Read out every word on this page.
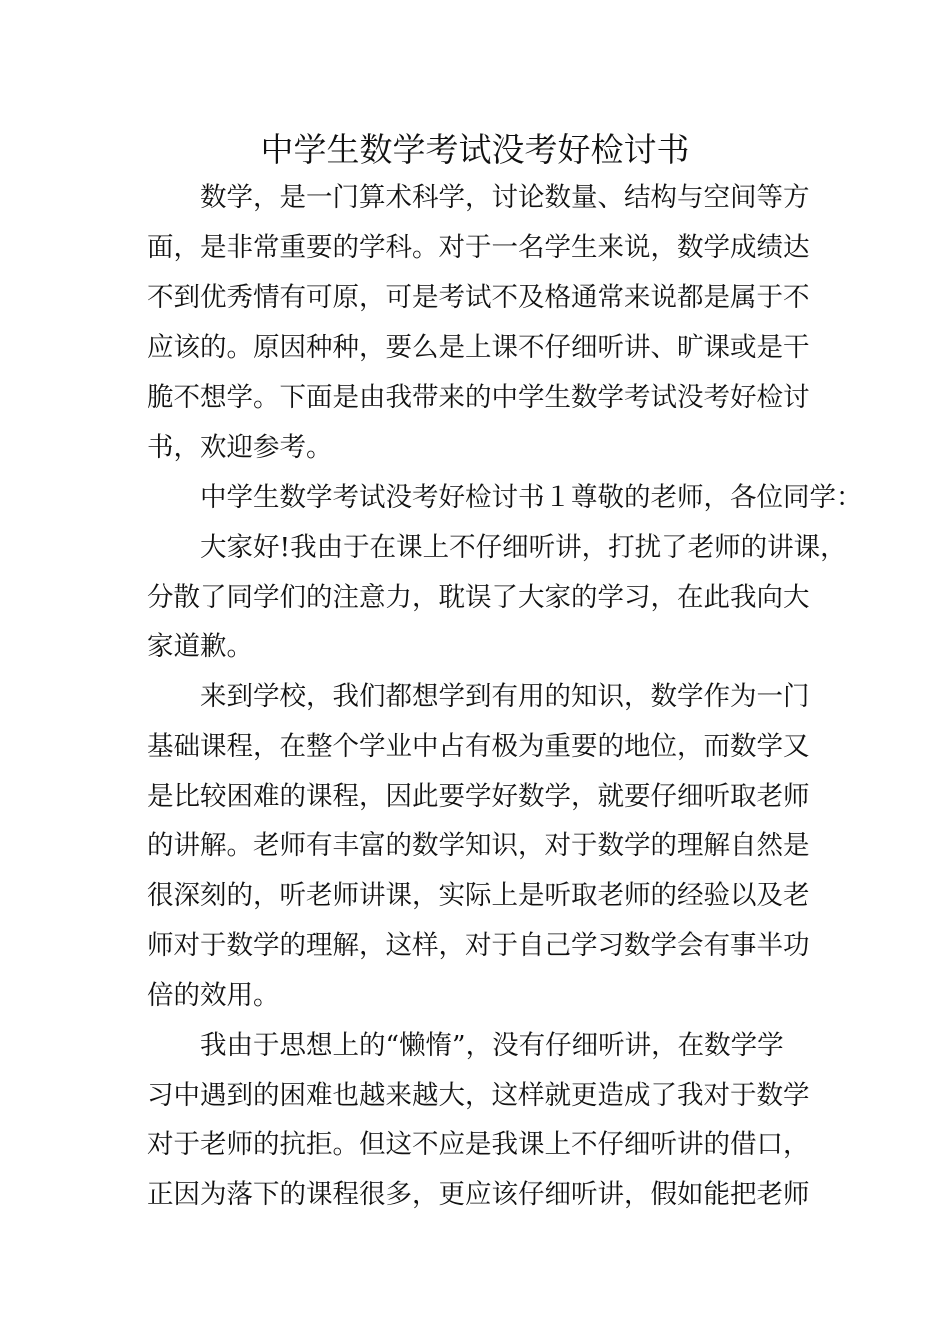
中学生数学考试没考好检讨书

数学，是一门算术科学，讨论数量、结构与空间等方

面，是非常重要的学科。对于一名学生来说，数学成绩达

不到优秀情有可原，可是考试不及格通常来说都是属于不

应该的。原因种种，要么是上课不仔细听讲、旷课或是干

脆不想学。下面是由我带来的中学生数学考试没考好检讨

书，欢迎参考。

中学生数学考试没考好检讨书１尊敬的老师，各位同学：

大家好!我由于在课上不仔细听讲，打扰了老师的讲课，

分散了同学们的注意力，耽误了大家的学习，在此我向大

家道歉。

来到学校，我们都想学到有用的知识，数学作为一门

基础课程，在整个学业中占有极为重要的地位，而数学又

是比较困难的课程，因此要学好数学，就要仔细听取老师

的讲解。老师有丰富的数学知识，对于数学的理解自然是

很深刻的，听老师讲课，实际上是听取老师的经验以及老

师对于数学的理解，这样，对于自己学习数学会有事半功

倍的效用。

我由于思想上的“懒惰”，没有仔细听讲，在数学学

习中遇到的困难也越来越大，这样就更造成了我对于数学

对于老师的抗拒。但这不应是我课上不仔细听讲的借口，

正因为落下的课程很多，更应该仔细听讲，假如能把老师
